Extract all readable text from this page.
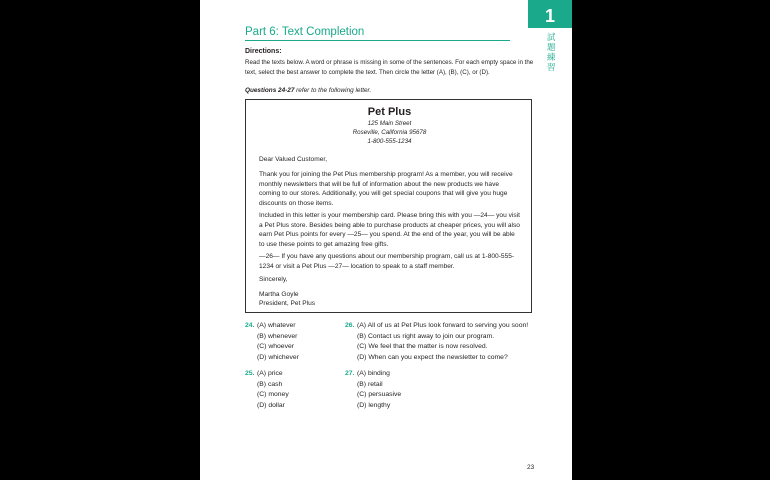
UNIT
1
試題練習
Part 6: Text Completion
Directions:
Read the texts below. A word or phrase is missing in some of the sentences. For each empty space in the text, select the best answer to complete the text. Then circle the letter (A), (B), (C), or (D).
Questions 24-27 refer to the following letter.
Pet Plus
125 Main Street
Roseville, California 95678
1-800-555-1234
Dear Valued Customer,
Thank you for joining the Pet Plus membership program! As a member, you will receive monthly newsletters that will be full of information about the new products we have coming to our stores. Additionally, you will get special coupons that will give you huge discounts on those items.
Included in this letter is your membership card. Please bring this with you —24— you visit a Pet Plus store. Besides being able to purchase products at cheaper prices, you will also earn Pet Plus points for every —25— you spend. At the end of the year, you will be able to use these points to get amazing free gifts.
—26— If you have any questions about our membership program, call us at 1-800-555-1234 or visit a Pet Plus —27— location to speak to a staff member.
Sincerely,
Martha Goyle
President, Pet Plus
24. (A) whatever
(B) whenever
(C) whoever
(D) whichever
25. (A) price
(B) cash
(C) money
(D) dollar
26. (A) All of us at Pet Plus look forward to serving you soon!
(B) Contact us right away to join our program.
(C) We feel that the matter is now resolved.
(D) When can you expect the newsletter to come?
27. (A) binding
(B) retail
(C) persuasive
(D) lengthy
23
